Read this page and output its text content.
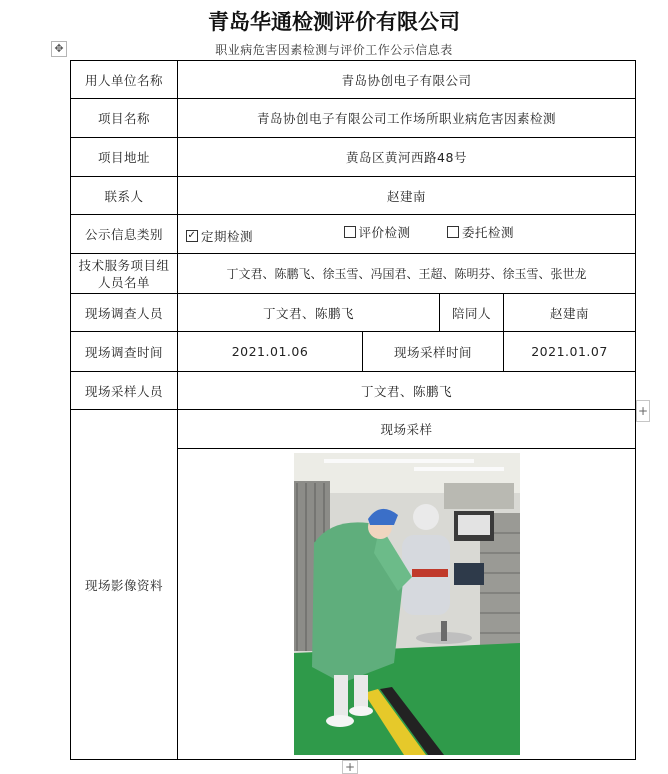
青岛华通检测评价有限公司
✥	职业病危害因素检测与评价工作公示信息表
用人单位名称	青岛协创电子有限公司			
项目名称	青岛协创电子有限公司工作场所职业病危害因素检测			
项目地址	黄岛区黄河西路48号			
联系人	赵建南			
公示信息类别	✓ 定期检测
评价检测
委托检测			

技术服务项目组人员名单	丁文君、陈鹏飞、徐玉雪、冯国君、王超、陈明芬、徐玉雪、张世龙			
现场调查人员	丁文君、陈鹏飞		陪同人	赵建南
现场调查时间	2021.01.06	现场采样时间		2021.01.07
现场采样人员	丁文君、陈鹏飞			
现场影像资料	现场采样			

+
+
